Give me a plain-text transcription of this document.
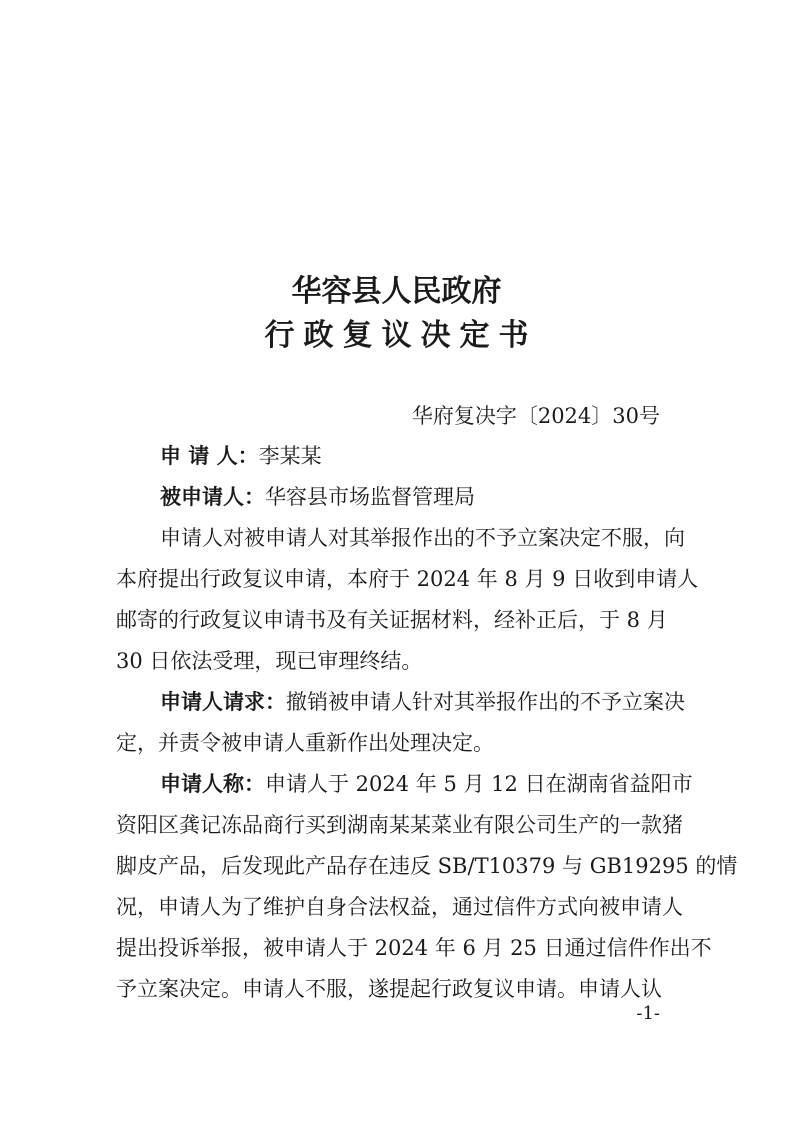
华容县人民政府
行政复议决定书
华府复决字〔2024〕30号
申 请 人：李某某
被申请人：华容县市场监督管理局
申请人对被申请人对其举报作出的不予立案决定不服，向
本府提出行政复议申请，本府于 2024 年 8 月 9 日收到申请人
邮寄的行政复议申请书及有关证据材料，经补正后，于 8 月
30 日依法受理，现已审理终结。
申请人请求：撤销被申请人针对其举报作出的不予立案决
定，并责令被申请人重新作出处理决定。
申请人称：申请人于 2024 年 5 月 12 日在湖南省益阳市
资阳区龚记冻品商行买到湖南某某菜业有限公司生产的一款猪
脚皮产品，后发现此产品存在违反 SB/T10379 与 GB19295 的情
况，申请人为了维护自身合法权益，通过信件方式向被申请人
提出投诉举报，被申请人于 2024 年 6 月 25 日通过信件作出不
予立案决定。申请人不服，遂提起行政复议申请。申请人认
-1-
